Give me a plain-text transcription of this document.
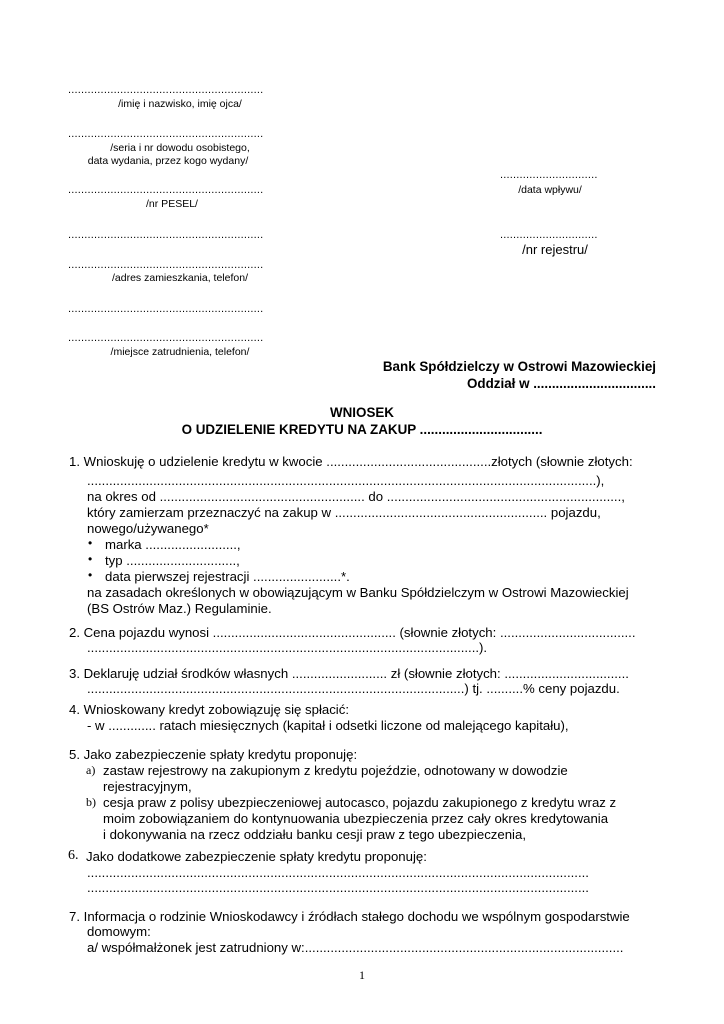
............................................................
/imię i nazwisko, imię ojca/
............................................................
/seria i nr dowodu osobistego,
data wydania, przez kogo wydany/
............................................................
/nr PESEL/
............................................................
............................................................
/adres zamieszkania, telefon/
............................................................
............................................................
/miejsce zatrudnienia, telefon/
..............................
/data wpływu/
..............................
/nr rejestru/
Bank Spółdzielczy w Ostrowi Mazowieckiej
Oddział w .................................
WNIOSEK
O UDZIELENIE KREDYTU NA ZAKUP .................................
1. Wnioskuję o udzielenie kredytu w kwocie .............................................złotych (słownie złotych:
...........................................................................................................................................),
na okres od ........................................................ do ................................................................,
który zamierzam przeznaczyć na zakup w .......................................................... pojazdu,
nowego/używanego*
• marka .........................,
• typ ..............................,
• data pierwszej rejestracji ........................*.
na zasadach określonych w obowiązującym w Banku Spółdzielczym w Ostrowi Mazowieckiej
(BS Ostrów Maz.) Regulaminie.
2. Cena pojazdu wynosi .................................................. (słownie złotych: .....................................
...........................................................................................................).
3. Deklaruję udział środków własnych .......................... zł (słownie złotych: ..................................
.......................................................................................................) tj. ..........% ceny pojazdu.
4. Wnioskowany kredyt zobowiązuję się spłacić:
- w ............. ratach miesięcznych (kapitał i odsetki liczone od malejącego kapitału),
5. Jako zabezpieczenie spłaty kredytu proponuję:
a) zastaw rejestrowy na zakupionym z kredytu pojeździe, odnotowany w dowodzie
rejestracyjnym,
b) cesja praw z polisy ubezpieczeniowej autocasco, pojazdu zakupionego z kredytu wraz z
moim zobowiązaniem do kontynuowania ubezpieczenia przez cały okres kredytowania
i dokonywania na rzecz oddziału banku cesji praw z tego ubezpieczenia,
6. Jako dodatkowe zabezpieczenie spłaty kredytu proponuję:
.........................................................................................................................................
.........................................................................................................................................
7. Informacja o rodzinie Wnioskodawcy i źródłach stałego dochodu we wspólnym gospodarstwie
domowym:
a/ współmałżonek jest zatrudniony w:.......................................................................................
1
